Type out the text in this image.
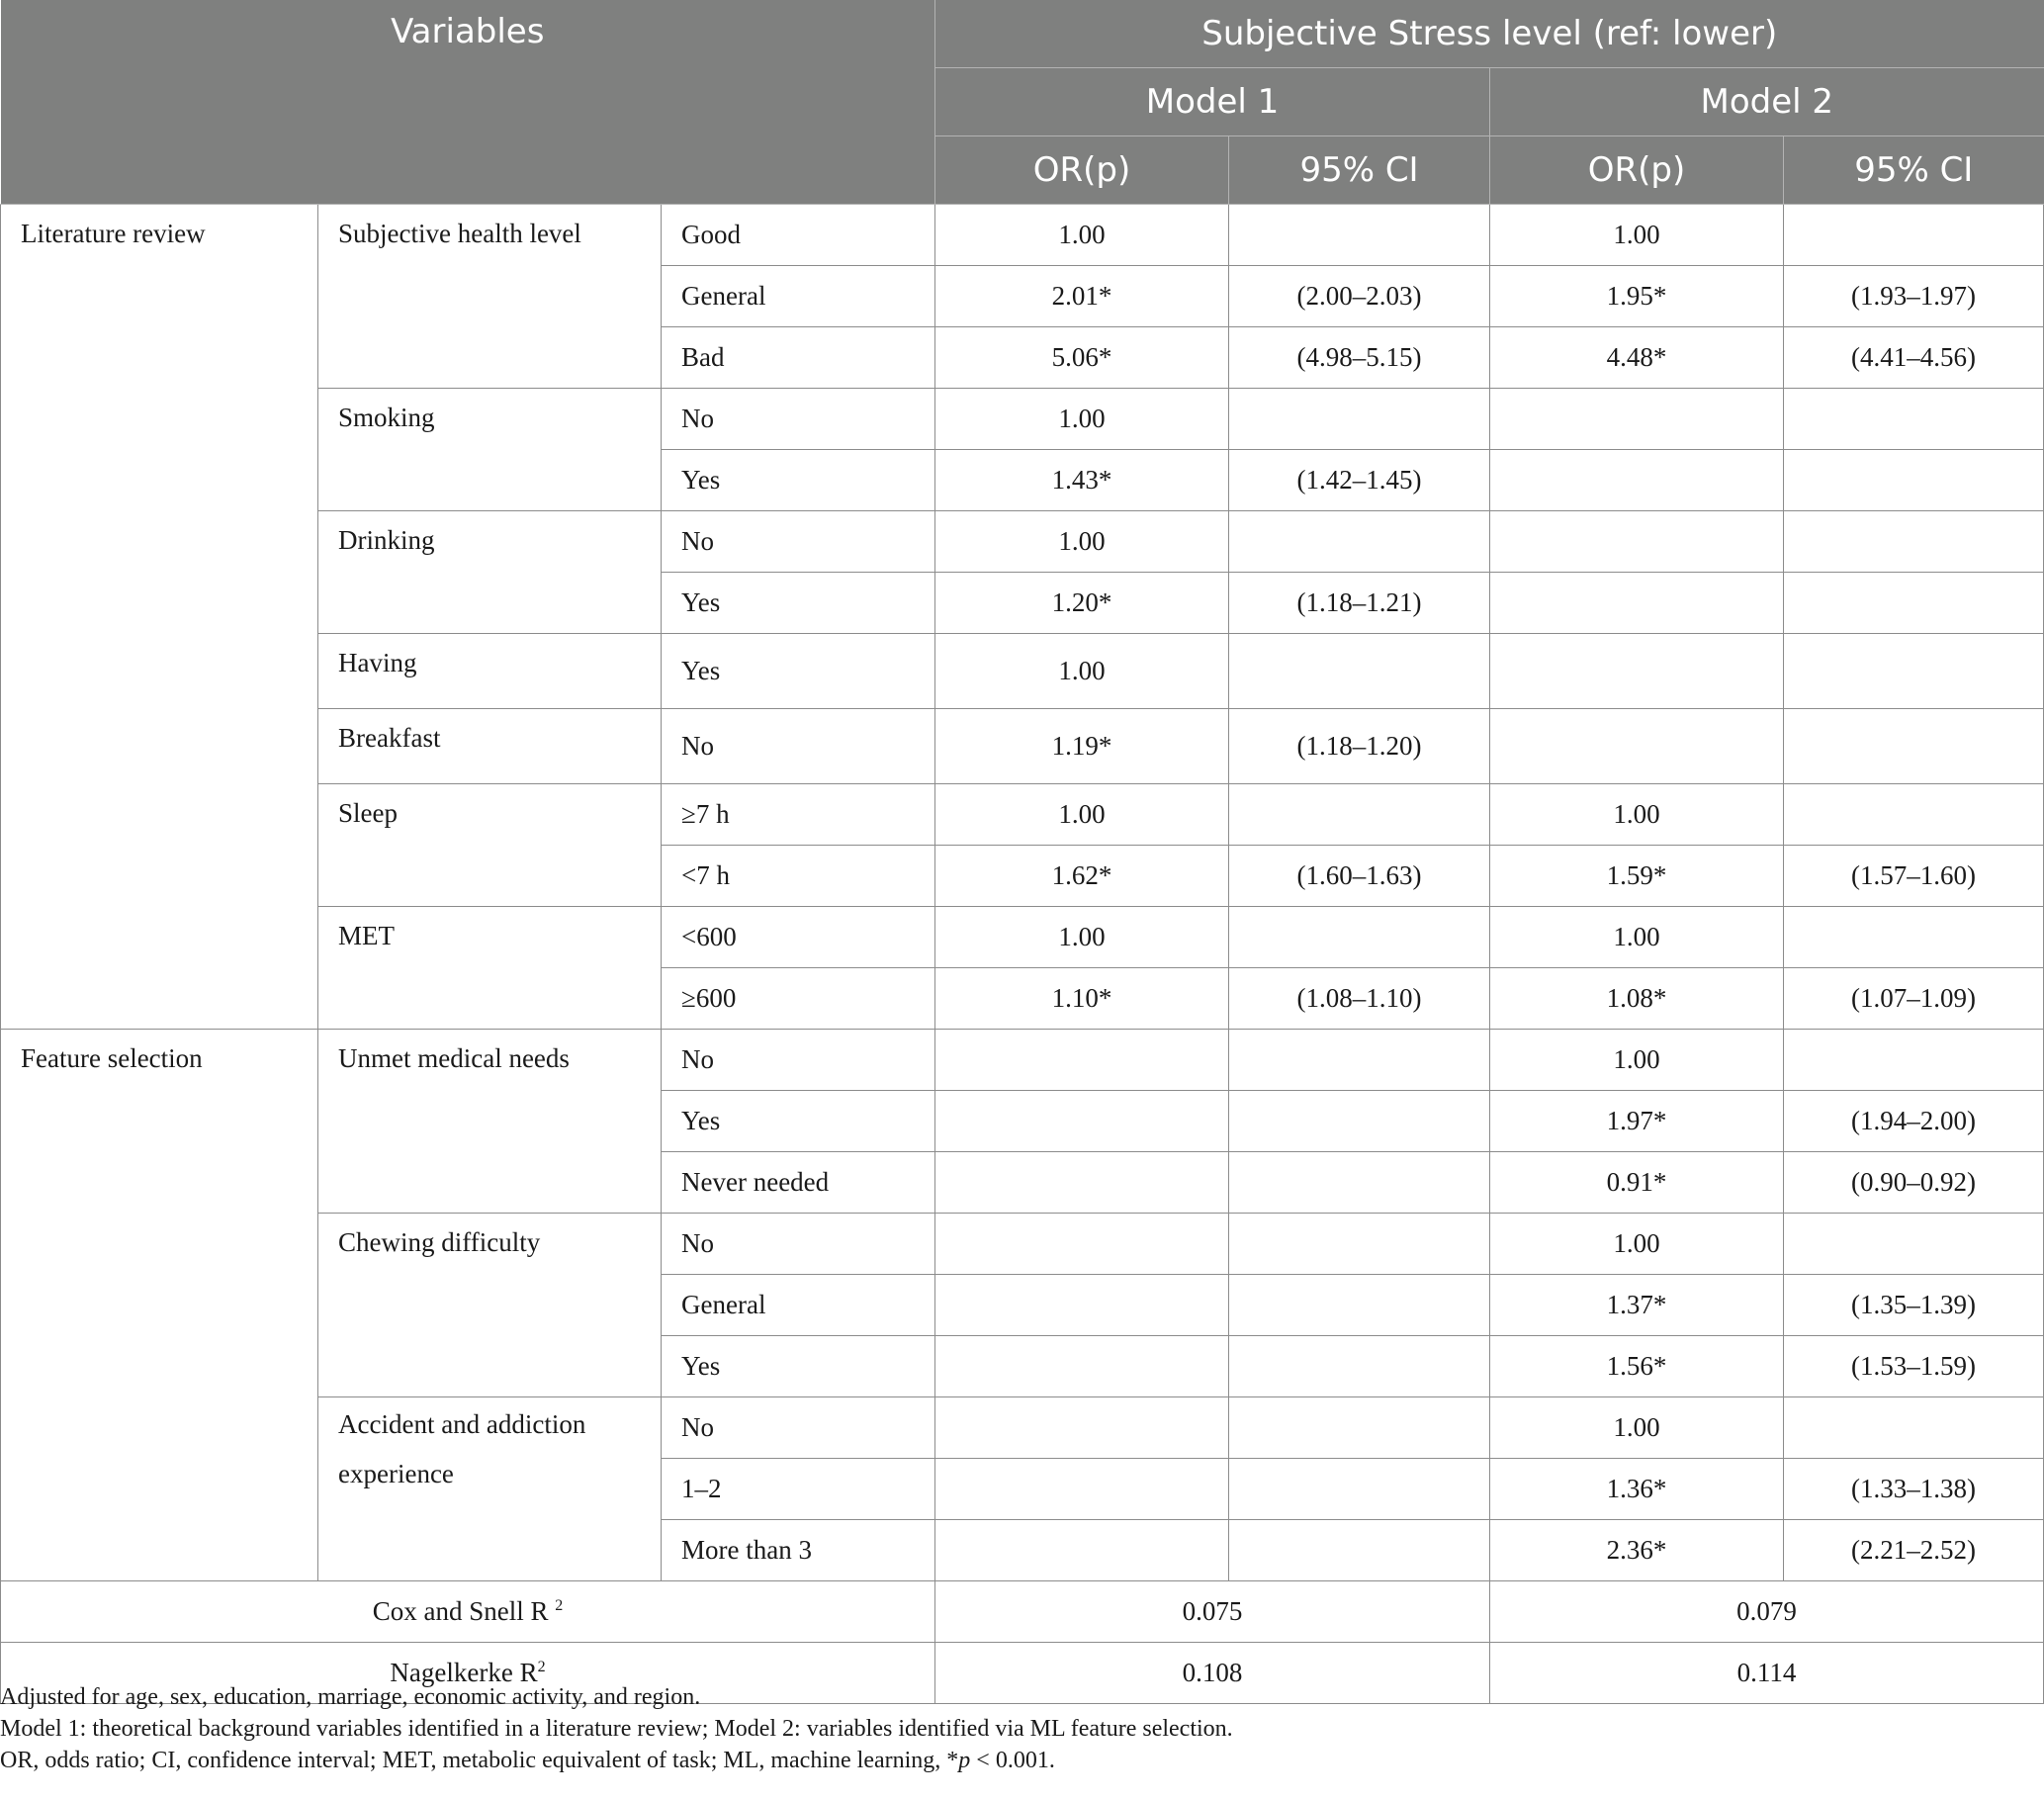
Variables			Subjective Stress level (ref: lower)			
			Model 1		Model 2	
			OR(p)	95% CI	OR(p)	95% CI
Literature review	Subjective health level	Good	1.00		1.00	
		General	2.01*	(2.00–2.03)	1.95*	(1.93–1.97)
		Bad	5.06*	(4.98–5.15)	4.48*	(4.41–4.56)
	Smoking	No	1.00			
		Yes	1.43*	(1.42–1.45)		
	Drinking	No	1.00			
		Yes	1.20*	(1.18–1.21)		
	Having	Yes	1.00			
	Breakfast	No	1.19*	(1.18–1.20)		
	Sleep	≥7 h	1.00		1.00	
		<7 h	1.62*	(1.60–1.63)	1.59*	(1.57–1.60)
	MET	<600	1.00		1.00	
		≥600	1.10*	(1.08–1.10)	1.08*	(1.07–1.09)
Feature selection	Unmet medical needs	No			1.00	
		Yes			1.97*	(1.94–2.00)
		Never needed			0.91*	(0.90–0.92)
	Chewing difficulty	No			1.00	
		General			1.37*	(1.35–1.39)
		Yes			1.56*	(1.53–1.59)
	Accident and addiction experience	No			1.00	
		1–2			1.36*	(1.33–1.38)
		More than 3			2.36*	(2.21–2.52)
Cox and Snell R $^2$			0.075		0.079	
Nagelkerke $R^2$			0.108		0.114	
Adjusted for age, sex, education, marriage, economic activity, and region.
Model 1: theoretical background variables identified in a literature review; Model 2: variables identified via ML feature selection.
OR, odds ratio; CI, confidence interval; MET, metabolic equivalent of task; ML, machine learning, *p < 0.001.
